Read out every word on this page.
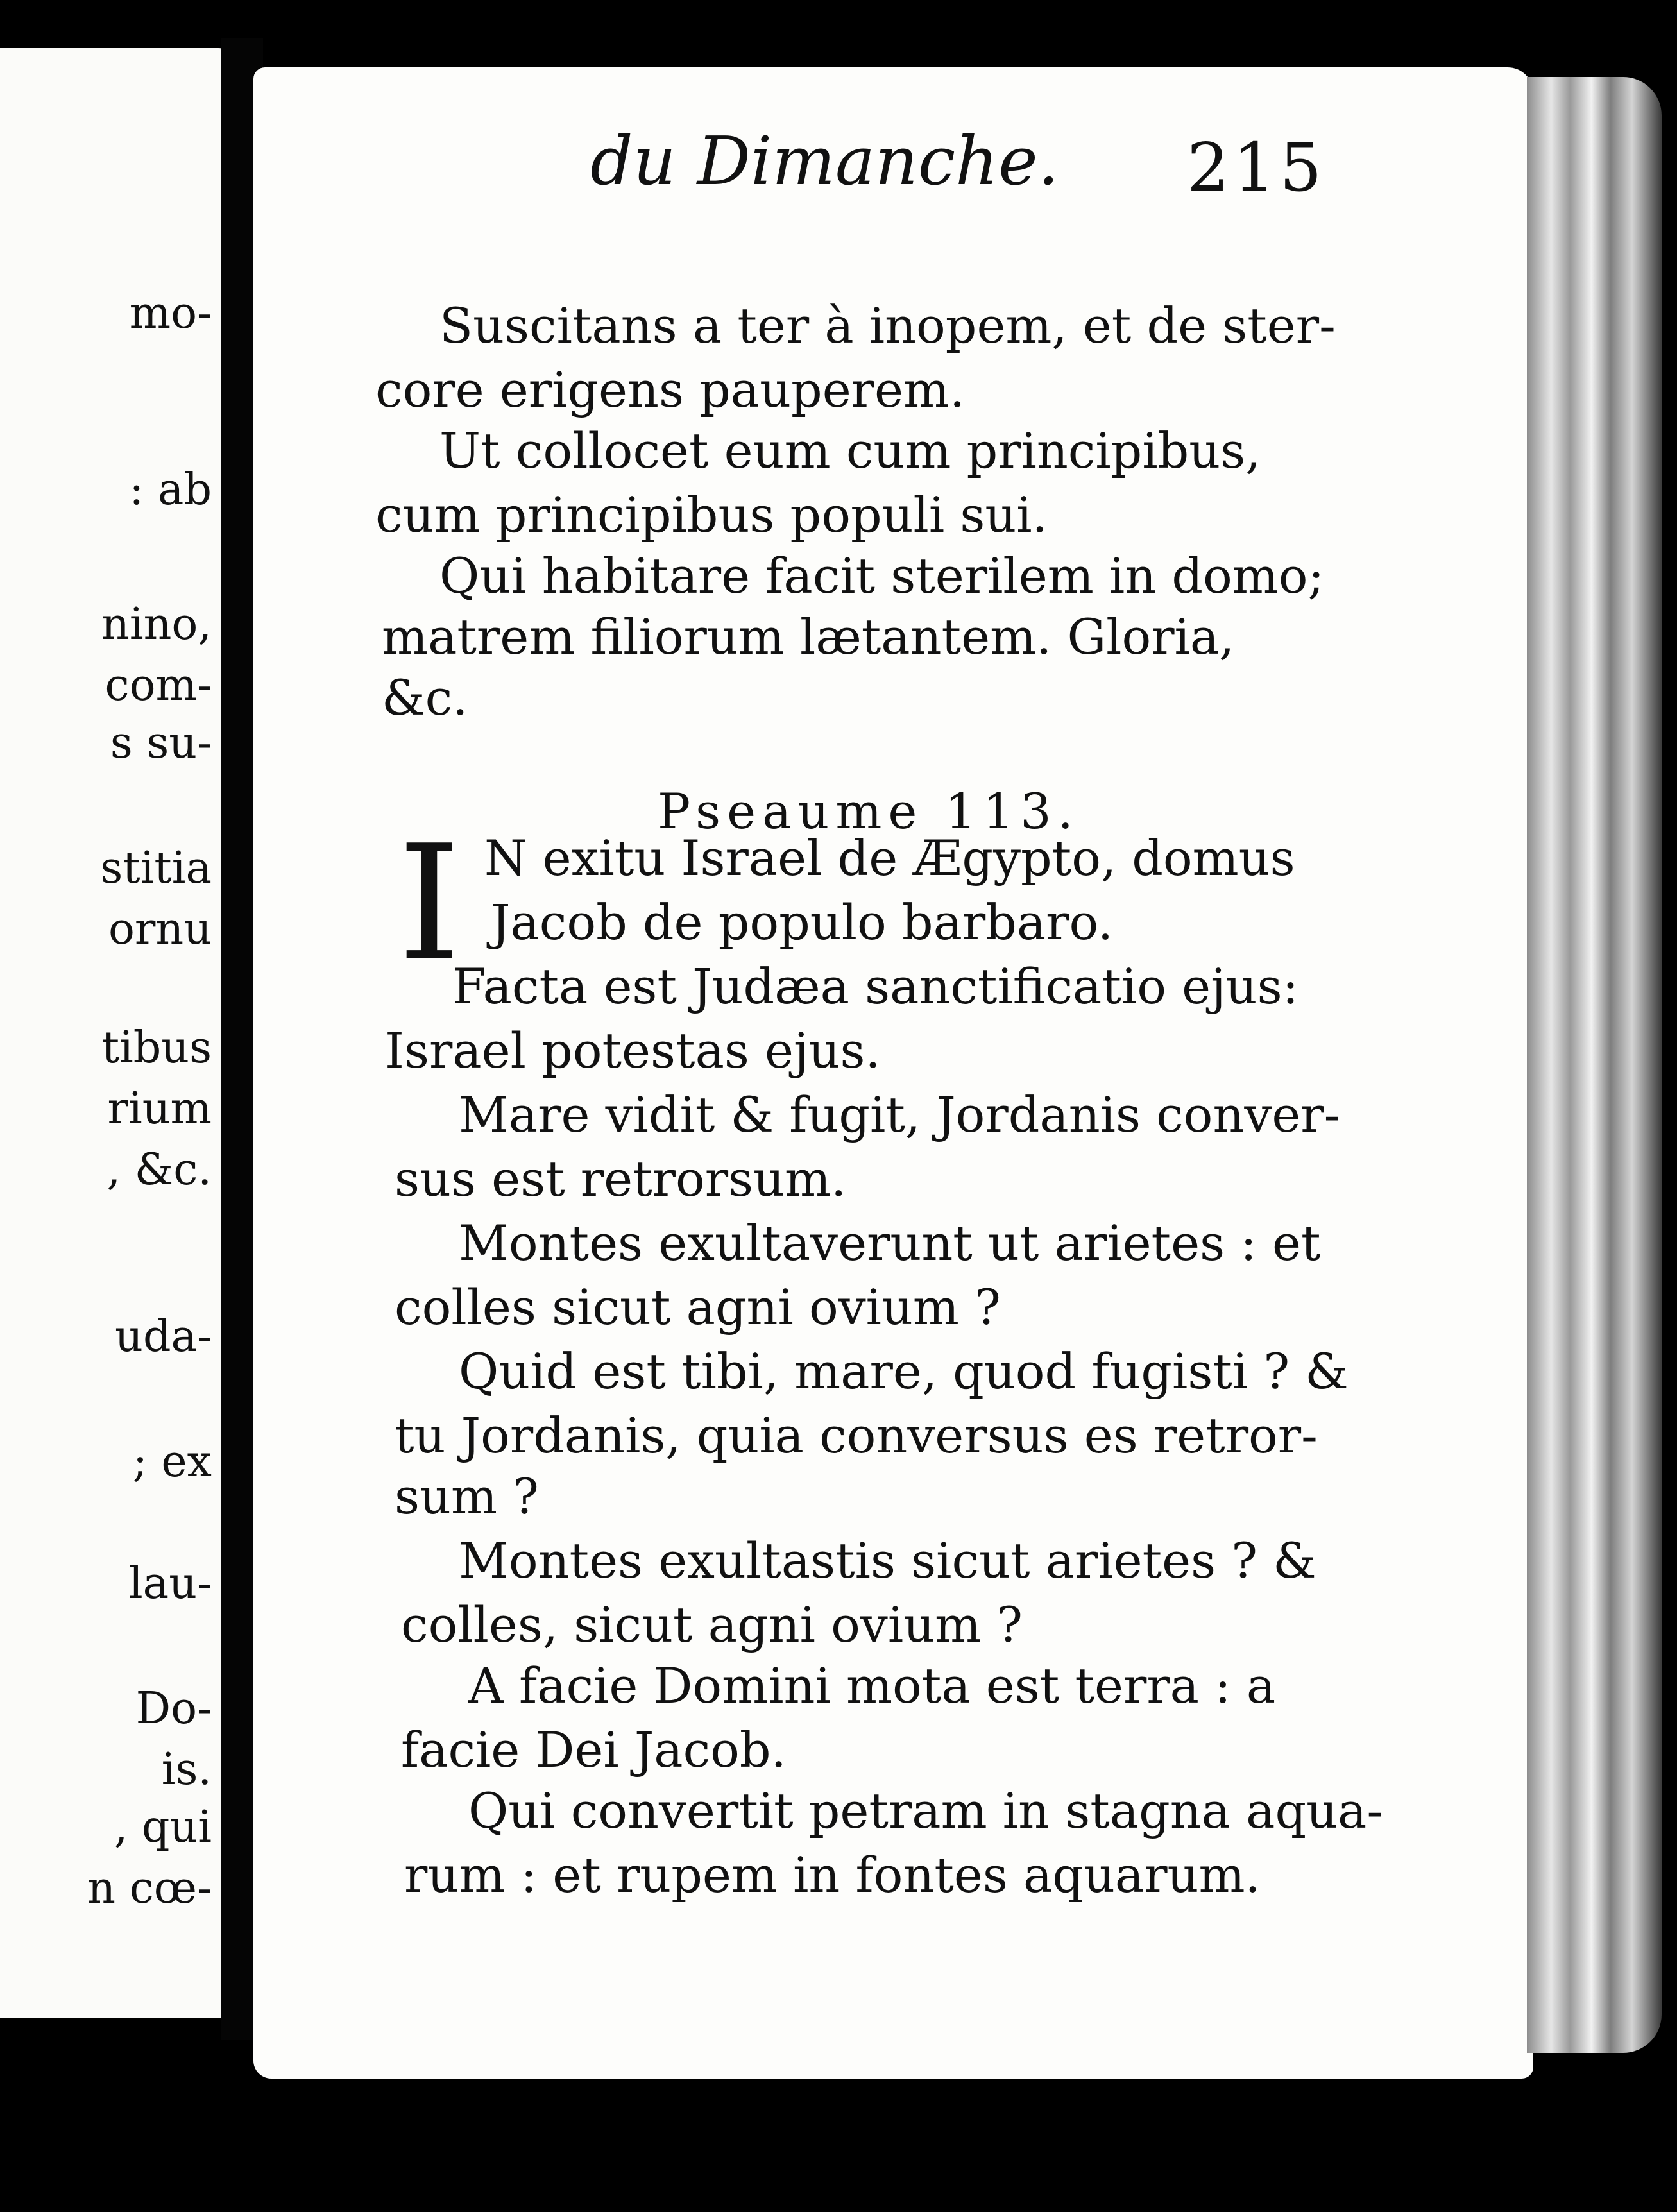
mo-
: ab
nino,
com-
s su-
stitia
ornu
tibus
rium
, &c.
uda-
; ex
lau-
Do-
is.
, qui
n cœ-
du Dimanche. 215
Suscitans a ter à inopem, et de ster-
core erigens pauperem.
Ut collocet eum cum principibus,
cum principibus populi sui.
Qui habitare facit sterilem in domo;
matrem filiorum lætantem. Gloria,
&c.
Pseaume 113.
I N exitu Israel de Ægypto, domus
Jacob de populo barbaro.
Facta est Judæa sanctificatio ejus:
Israel potestas ejus.
Mare vidit & fugit, Jordanis conver-
sus est retrorsum.
Montes exultaverunt ut arietes : et
colles sicut agni ovium ?
Quid est tibi, mare, quod fugisti ? &
tu Jordanis, quia conversus es retror-
sum ?
Montes exultastis sicut arietes ? &
colles, sicut agni ovium ?
A facie Domini mota est terra : a
facie Dei Jacob.
Qui convertit petram in stagna aqua-
rum : et rupem in fontes aquarum.
